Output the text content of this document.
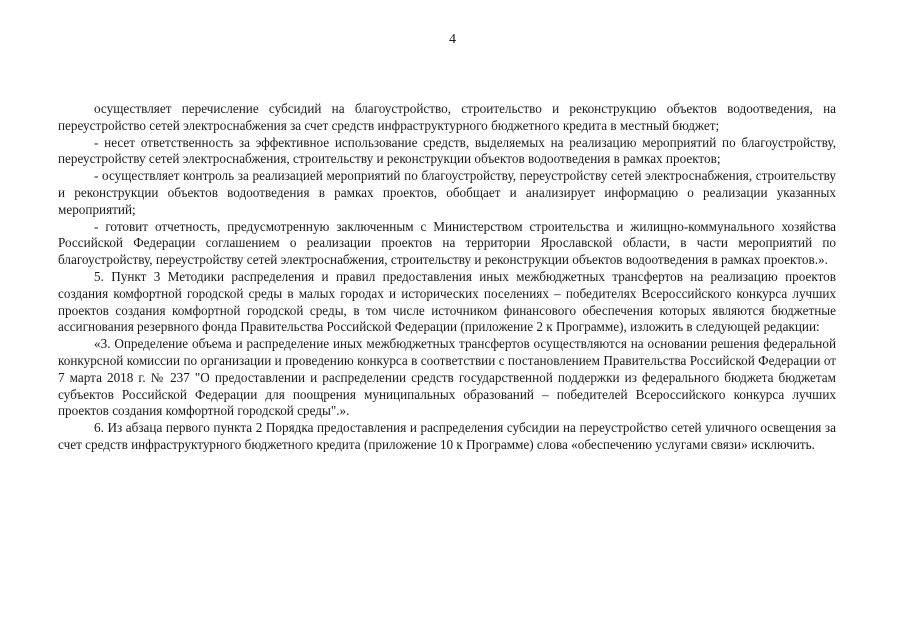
4

осуществляет перечисление субсидий на благоустройство, строительство и реконструкцию объектов водоотведения, на переустройство сетей электроснабжения за счет средств инфраструктурного бюджетного кредита в местный бюджет;

- несет ответственность за эффективное использование средств, выделяемых на реализацию мероприятий по благоустройству, переустройству сетей электроснабжения, строительству и реконструкции объектов водоотведения в рамках проектов;

- осуществляет контроль за реализацией мероприятий по благоустройству, переустройству сетей электроснабжения, строительству и реконструкции объектов водоотведения в рамках проектов, обобщает и анализирует информацию о реализации указанных мероприятий;

- готовит отчетность, предусмотренную заключенным с Министерством строительства и жилищно-коммунального хозяйства Российской Федерации соглашением о реализации проектов на территории Ярославской области, в части мероприятий по благоустройству, переустройству сетей электроснабжения, строительству и реконструкции объектов водоотведения в рамках проектов.».

5. Пункт 3 Методики распределения и правил предоставления иных межбюджетных трансфертов на реализацию проектов создания комфортной городской среды в малых городах и исторических поселениях – победителях Всероссийского конкурса лучших проектов создания комфортной городской среды, в том числе источником финансового обеспечения которых являются бюджетные ассигнования резервного фонда Правительства Российской Федерации (приложение 2 к Программе), изложить в следующей редакции:

«3. Определение объема и распределение иных межбюджетных трансфертов осуществляются на основании решения федеральной конкурсной комиссии по организации и проведению конкурса в соответствии с постановлением Правительства Российской Федерации от 7 марта 2018 г. № 237 "О предоставлении и распределении средств государственной поддержки из федерального бюджета бюджетам субъектов Российской Федерации для поощрения муниципальных образований – победителей Всероссийского конкурса лучших проектов создания комфортной городской среды".».

6. Из абзаца первого пункта 2 Порядка предоставления и распределения субсидии на переустройство сетей уличного освещения за счет средств инфраструктурного бюджетного кредита (приложение 10 к Программе) слова «обеспечению услугами связи» исключить.
